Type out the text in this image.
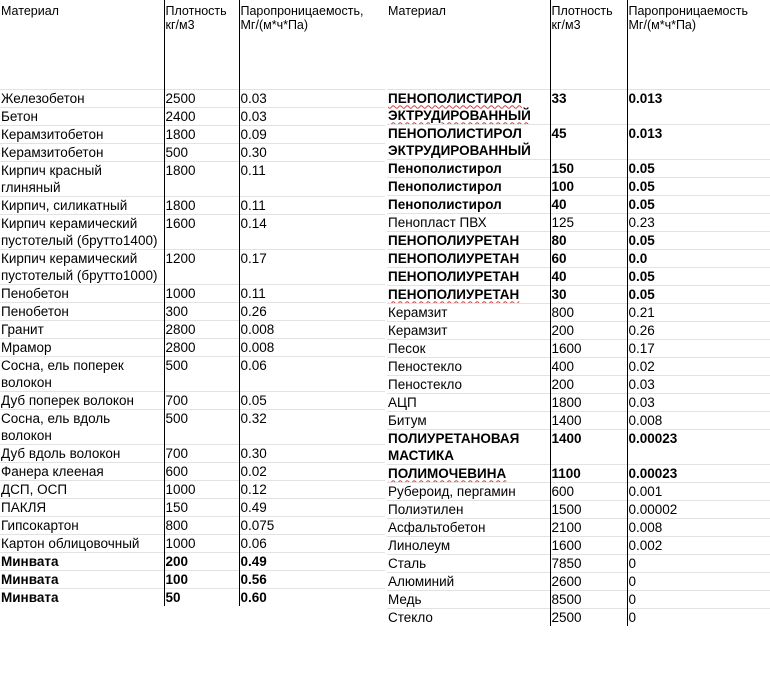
Материал	Плотность кг/м3	Паропроницаемость, Мг/(м*ч*Па)
Железобетон	2500	0.03
Бетон	2400	0.03
Керамзитобетон	1800	0.09
Керамзитобетон	500	0.30
Кирпич красный глиняный	1800	0.11
Кирпич, силикатный	1800	0.11
Кирпич керамический пустотелый (брутто1400)	1600	0.14
Кирпич керамический пустотелый (брутто1000)	1200	0.17
Пенобетон	1000	0.11
Пенобетон	300	0.26
Гранит	2800	0.008
Мрамор	2800	0.008
Сосна, ель поперек волокон	500	0.06
Дуб поперек волокон	700	0.05
Сосна, ель вдоль волокон	500	0.32
Дуб вдоль волокон	700	0.30
Фанера клееная	600	0.02
ДСП, ОСП	1000	0.12
ПАКЛЯ	150	0.49
Гипсокартон	800	0.075
Картон облицовочный	1000	0.06
Минвата	200	0.49
Минвата	100	0.56
Минвата	50	0.60
Материал	Плотность кг/м3	Паропроницаемость Мг/(м*ч*Па)
ПЕНОПОЛИСТИРОЛ ЭКТРУДИРОВАННЫЙ	33	0.013
ПЕНОПОЛИСТИРОЛ ЭКТРУДИРОВАННЫЙ	45	0.013
Пенополистирол	150	0.05
Пенополистирол	100	0.05
Пенополистирол	40	0.05
Пенопласт ПВХ	125	0.23
ПЕНОПОЛИУРЕТАН	80	0.05
ПЕНОПОЛИУРЕТАН	60	0.0
ПЕНОПОЛИУРЕТАН	40	0.05
ПЕНОПОЛИУРЕТАН	30	0.05
Керамзит	800	0.21
Керамзит	200	0.26
Песок	1600	0.17
Пеностекло	400	0.02
Пеностекло	200	0.03
АЦП	1800	0.03
Битум	1400	0.008
ПОЛИУРЕТАНОВАЯ МАСТИКА	1400	0.00023
ПОЛИМОЧЕВИНА	1100	0.00023
Рубероид, пергамин	600	0.001
Полиэтилен	1500	0.00002
Асфальтобетон	2100	0.008
Линолеум	1600	0.002
Сталь	7850	0
Алюминий	2600	0
Медь	8500	0
Стекло	2500	0
